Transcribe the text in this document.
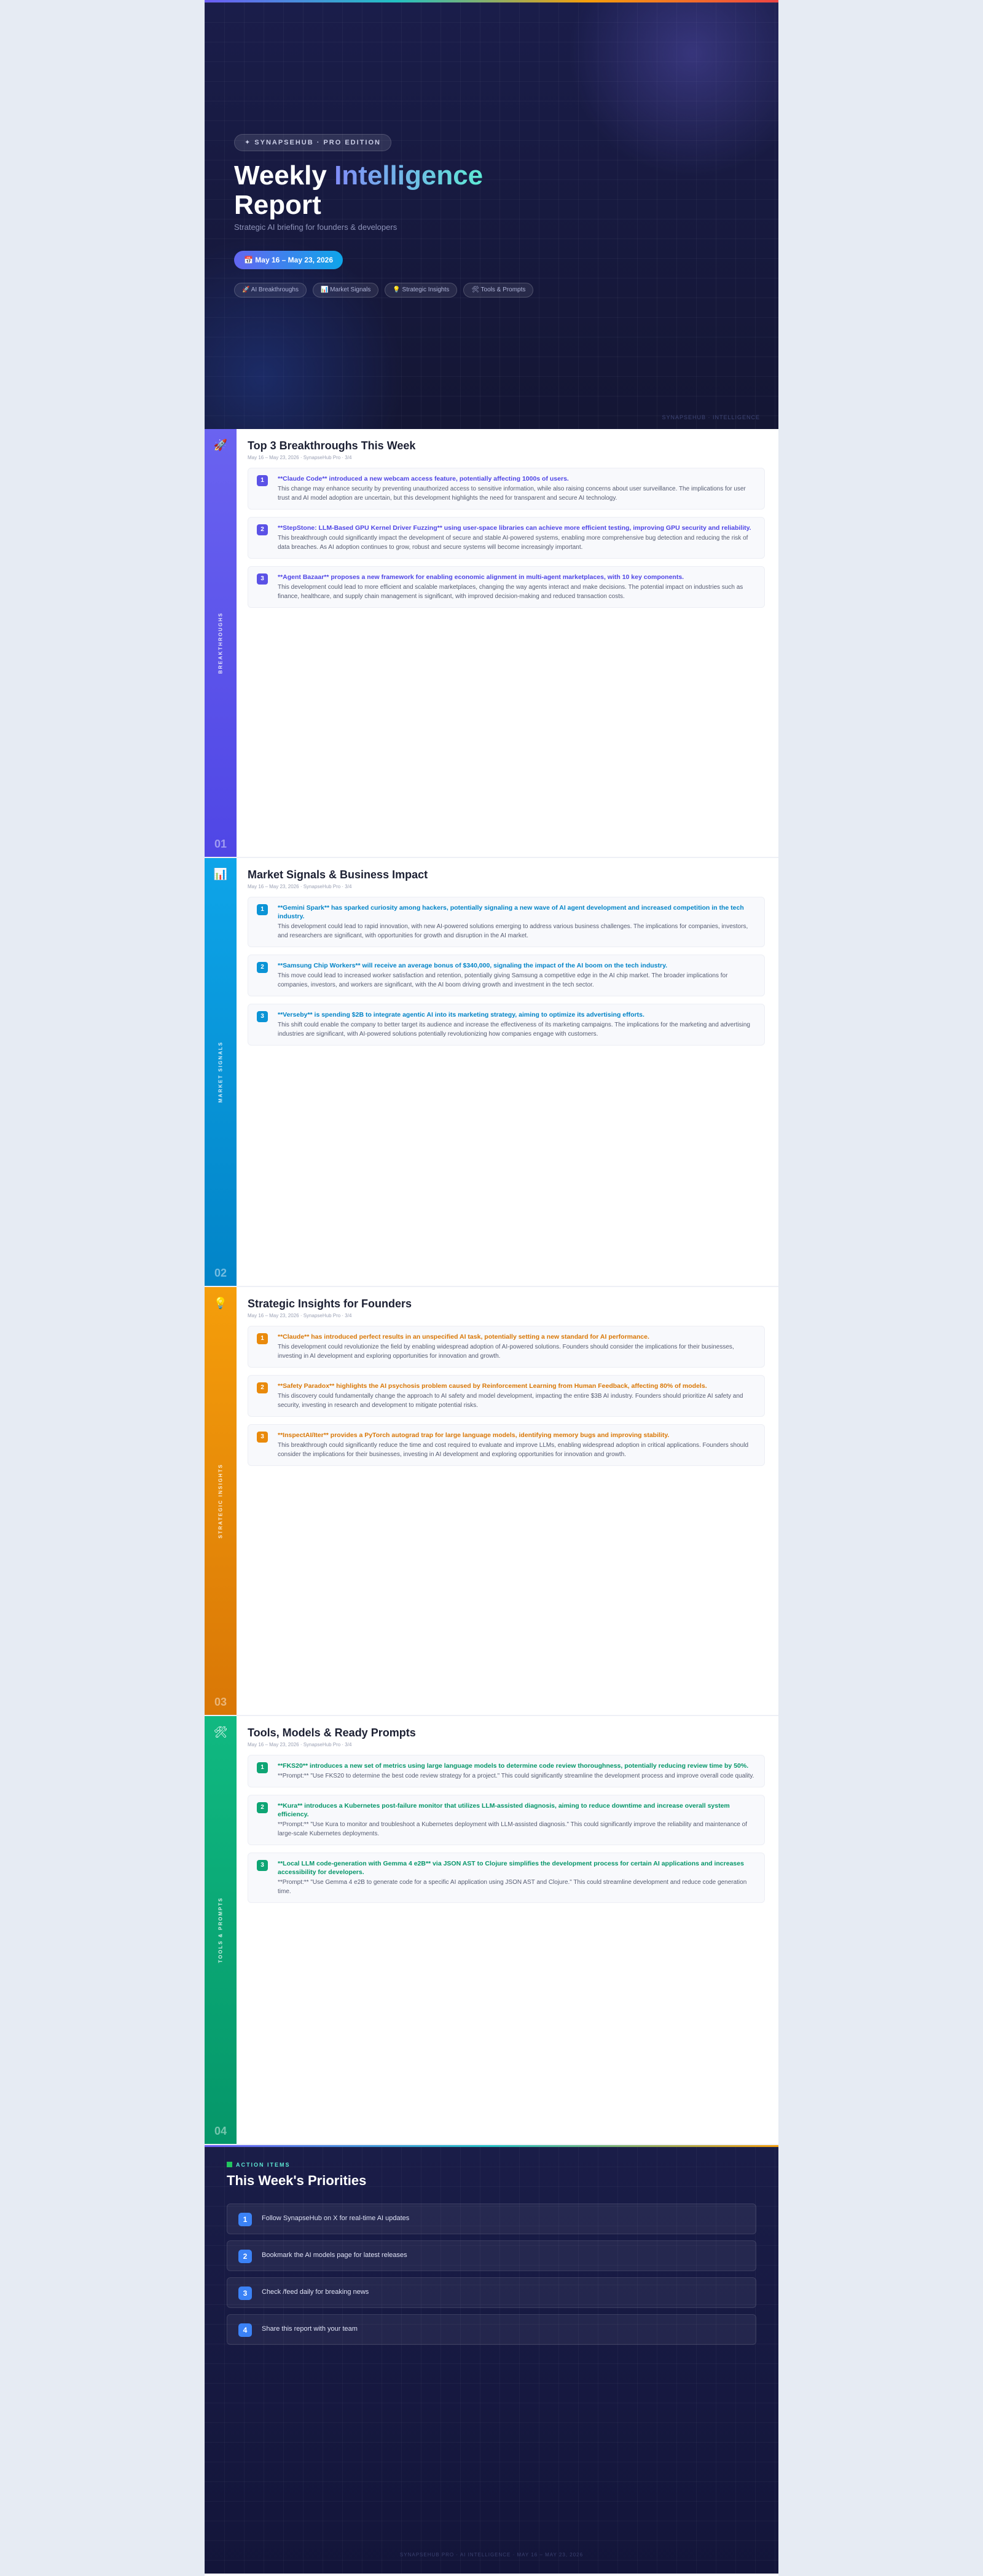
✦ SYNAPSEHUB · PRO EDITION
Weekly Intelligence
Report
Strategic AI briefing for founders & developers
📅 May 16 – May 23, 2026
🚀 AI Breakthroughs	📊 Market Signals	💡 Strategic Insights	🛠 Tools & Prompts
SYNAPSEHUB · INTELLIGENCE
🚀
BREAKTHROUGHS
01
Top 3 Breakthroughs This Week
May 16 – May 23, 2026 · SynapseHub Pro · 3/4
1	**Claude Code** introduced a new webcam access feature, potentially affecting 1000s of users.
This change may enhance security by preventing unauthorized access to sensitive information, while also raising concerns about user surveillance. The implications for user trust and AI model adoption are uncertain, but this development highlights the need for transparent and secure AI technology.
2	**StepStone: LLM-Based GPU Kernel Driver Fuzzing** using user-space libraries can achieve more efficient testing, improving GPU security and reliability.
This breakthrough could significantly impact the development of secure and stable AI-powered systems, enabling more comprehensive bug detection and reducing the risk of data breaches. As AI adoption continues to grow, robust and secure systems will become increasingly important.
3	**Agent Bazaar** proposes a new framework for enabling economic alignment in multi-agent marketplaces, with 10 key components.
This development could lead to more efficient and scalable marketplaces, changing the way agents interact and make decisions. The potential impact on industries such as finance, healthcare, and supply chain management is significant, with improved decision-making and reduced transaction costs.
📊
MARKET SIGNALS
02
Market Signals & Business Impact
May 16 – May 23, 2026 · SynapseHub Pro · 3/4
1	**Gemini Spark** has sparked curiosity among hackers, potentially signaling a new wave of AI agent development and increased competition in the tech industry.
This development could lead to rapid innovation, with new AI-powered solutions emerging to address various business challenges. The implications for companies, investors, and researchers are significant, with opportunities for growth and disruption in the AI market.
2	**Samsung Chip Workers** will receive an average bonus of $340,000, signaling the impact of the AI boom on the tech industry.
This move could lead to increased worker satisfaction and retention, potentially giving Samsung a competitive edge in the AI chip market. The broader implications for companies, investors, and workers are significant, with the AI boom driving growth and investment in the tech sector.
3	**Verseby** is spending $2B to integrate agentic AI into its marketing strategy, aiming to optimize its advertising efforts.
This shift could enable the company to better target its audience and increase the effectiveness of its marketing campaigns. The implications for the marketing and advertising industries are significant, with AI-powered solutions potentially revolutionizing how companies engage with customers.
💡
STRATEGIC INSIGHTS
03
Strategic Insights for Founders
May 16 – May 23, 2026 · SynapseHub Pro · 3/4
1	**Claude** has introduced perfect results in an unspecified AI task, potentially setting a new standard for AI performance.
This development could revolutionize the field by enabling widespread adoption of AI-powered solutions. Founders should consider the implications for their businesses, investing in AI development and exploring opportunities for innovation and growth.
2	**Safety Paradox** highlights the AI psychosis problem caused by Reinforcement Learning from Human Feedback, affecting 80% of models.
This discovery could fundamentally change the approach to AI safety and model development, impacting the entire $3B AI industry. Founders should prioritize AI safety and security, investing in research and development to mitigate potential risks.
3	**InspectAI/Iter** provides a PyTorch autograd trap for large language models, identifying memory bugs and improving stability.
This breakthrough could significantly reduce the time and cost required to evaluate and improve LLMs, enabling widespread adoption in critical applications. Founders should consider the implications for their businesses, investing in AI development and exploring opportunities for innovation and growth.
🛠
TOOLS & PROMPTS
04
Tools, Models & Ready Prompts
May 16 – May 23, 2026 · SynapseHub Pro · 3/4
1	**FKS20** introduces a new set of metrics using large language models to determine code review thoroughness, potentially reducing review time by 50%.
**Prompt:** "Use FKS20 to determine the best code review strategy for a project." This could significantly streamline the development process and improve overall code quality.
2	**Kura** introduces a Kubernetes post-failure monitor that utilizes LLM-assisted diagnosis, aiming to reduce downtime and increase overall system efficiency.
**Prompt:** "Use Kura to monitor and troubleshoot a Kubernetes deployment with LLM-assisted diagnosis." This could significantly improve the reliability and maintenance of large-scale Kubernetes deployments.
3	**Local LLM code-generation with Gemma 4 e2B** via JSON AST to Clojure simplifies the development process for certain AI applications and increases accessibility for developers.
**Prompt:** "Use Gemma 4 e2B to generate code for a specific AI application using JSON AST and Clojure." This could streamline development and reduce code generation time.
ACTION ITEMS
This Week's Priorities
1	Follow SynapseHub on X for real-time AI updates
2	Bookmark the AI models page for latest releases
3	Check /feed daily for breaking news
4	Share this report with your team
SYNAPSEHUB PRO · AI INTELLIGENCE · MAY 16 – MAY 23, 2026
